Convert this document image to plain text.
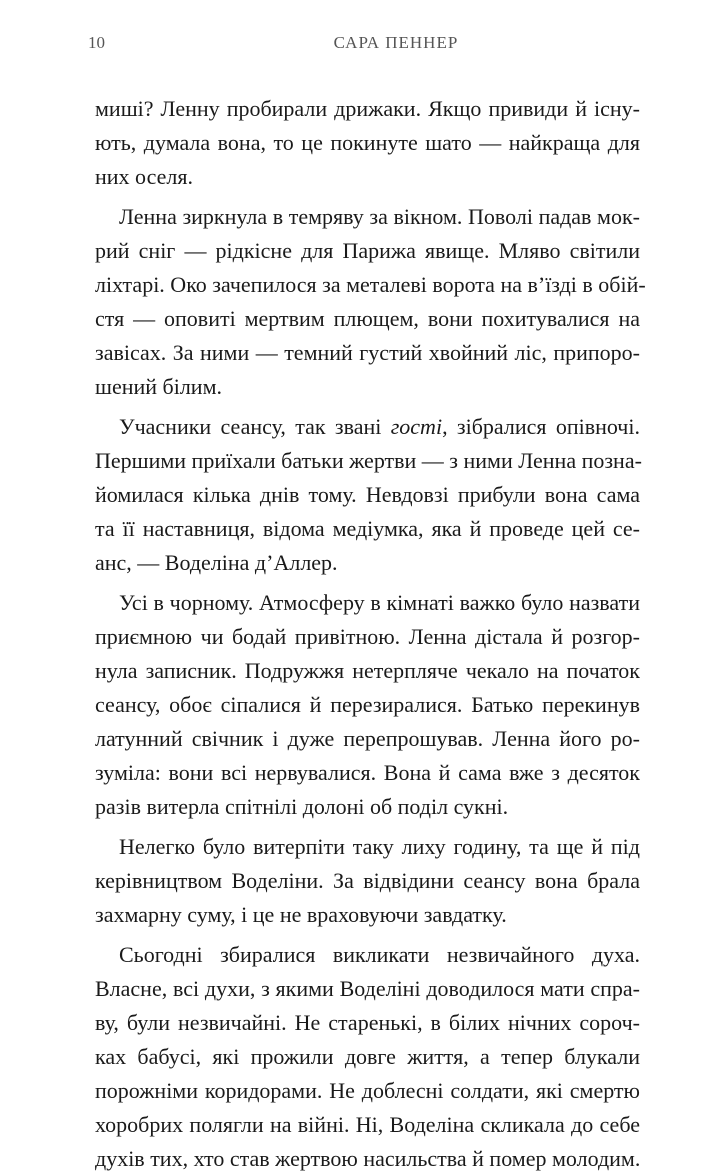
10	САРА ПЕННЕР
миші? Ленну пробирали дрижаки. Якщо привиди й існу-
ють, думала вона, то це покинуте шато — найкраща для
них оселя.
Ленна зиркнула в темряву за вікном. Поволі падав мок-
рий сніг — рідкісне для Парижа явище. Мляво світили
ліхтарі. Око зачепилося за металеві ворота на в’їзді в обій-
стя — оповиті мертвим плющем, вони похитувалися на
завісах. За ними — темний густий хвойний ліс, припоро-
шений білим.
Учасники сеансу, так звані гості, зібралися опівночі.
Першими приїхали батьки жертви — з ними Ленна позна-
йомилася кілька днів тому. Невдовзі прибули вона сама
та її наставниця, відома медіумка, яка й проведе цей се-
анс, — Воделіна д’Аллер.
Усі в чорному. Атмосферу в кімнаті важко було назвати
приємною чи бодай привітною. Ленна дістала й розгор-
нула записник. Подружжя нетерпляче чекало на початок
сеансу, обоє сіпалися й перезиралися. Батько перекинув
латунний свічник і дуже перепрошував. Ленна його ро-
зуміла: вони всі нервувалися. Вона й сама вже з десяток
разів витерла спітнілі долоні об поділ сукні.
Нелегко було витерпіти таку лиху годину, та ще й під
керівництвом Воделіни. За відвідини сеансу вона брала
захмарну суму, і це не враховуючи завдатку.
Сьогодні збиралися викликати незвичайного духа.
Власне, всі духи, з якими Воделіні доводилося мати спра-
ву, були незвичайні. Не старенькі, в білих нічних сороч-
ках бабусі, які прожили довге життя, а тепер блукали
порожніми коридорами. Не доблесні солдати, які смертю
хоробрих полягли на війні. Ні, Воделіна скликала до себе
духів тих, хто став жертвою насильства й помер молодим.
